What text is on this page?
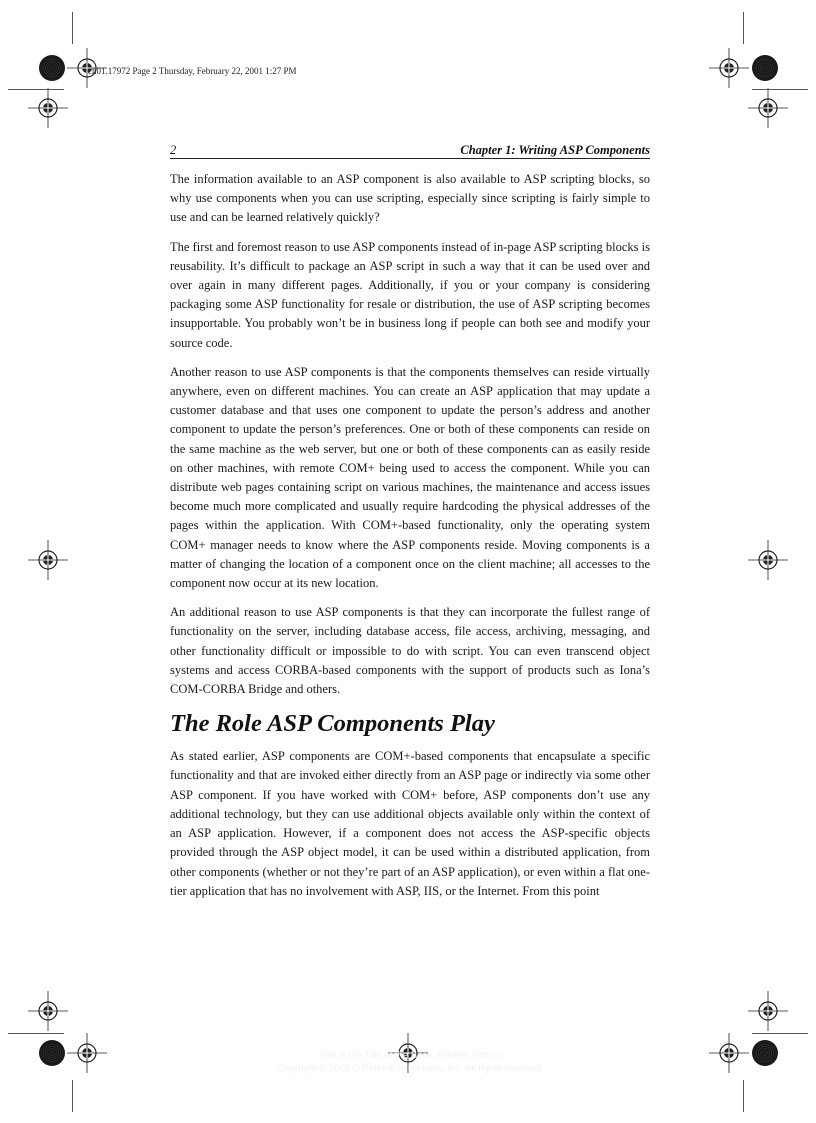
ch01.17972 Page 2 Thursday, February 22, 2001 1:27 PM
2	Chapter 1: Writing ASP Components

The information available to an ASP component is also available to ASP scripting blocks, so why use components when you can use scripting, especially since scripting is fairly simple to use and can be learned relatively quickly?

The first and foremost reason to use ASP components instead of in-page ASP scripting blocks is reusability. It’s difficult to package an ASP script in such a way that it can be used over and over again in many different pages. Additionally, if you or your company is considering packaging some ASP functionality for resale or distribution, the use of ASP scripting becomes insupportable. You probably won’t be in business long if people can both see and modify your source code.

Another reason to use ASP components is that the components themselves can reside virtually anywhere, even on different machines. You can create an ASP application that may update a customer database and that uses one component to update the person’s address and another component to update the person’s preferences. One or both of these components can reside on the same machine as the web server, but one or both of these components can as easily reside on other machines, with remote COM+ being used to access the component. While you can distribute web pages containing script on various machines, the maintenance and access issues become much more complicated and usually require hardcoding the physical addresses of the pages within the application. With COM+-based functionality, only the operating system COM+ manager needs to know where the ASP components reside. Moving components is a matter of changing the location of a component once on the client machine; all accesses to the component now occur at its new location.

An additional reason to use ASP components is that they can incorporate the fullest range of functionality on the server, including database access, file access, archiving, messaging, and other functionality difficult or impossible to do with script. You can even transcend object systems and access CORBA-based components with the support of products such as Iona’s COM-CORBA Bridge and others.

The Role ASP Components Play

As stated earlier, ASP components are COM+-based components that encapsulate a specific functionality and that are invoked either directly from an ASP page or indirectly via some other ASP component. If you have worked with COM+ before, ASP components don’t use any additional technology, but they can use additional objects available only within the context of an ASP application. However, if a component does not access the ASP-specific objects provided through the ASP object model, it can be used within a distributed application, from other components (whether or not they’re part of an ASP application), or even within a flat one-tier application that has no involvement with ASP, IIS, or the Internet. From this point

This is the Title of the Book, eMatter Edition
Copyright © 2001 O’Reilly & Associates, Inc. All rights reserved.
